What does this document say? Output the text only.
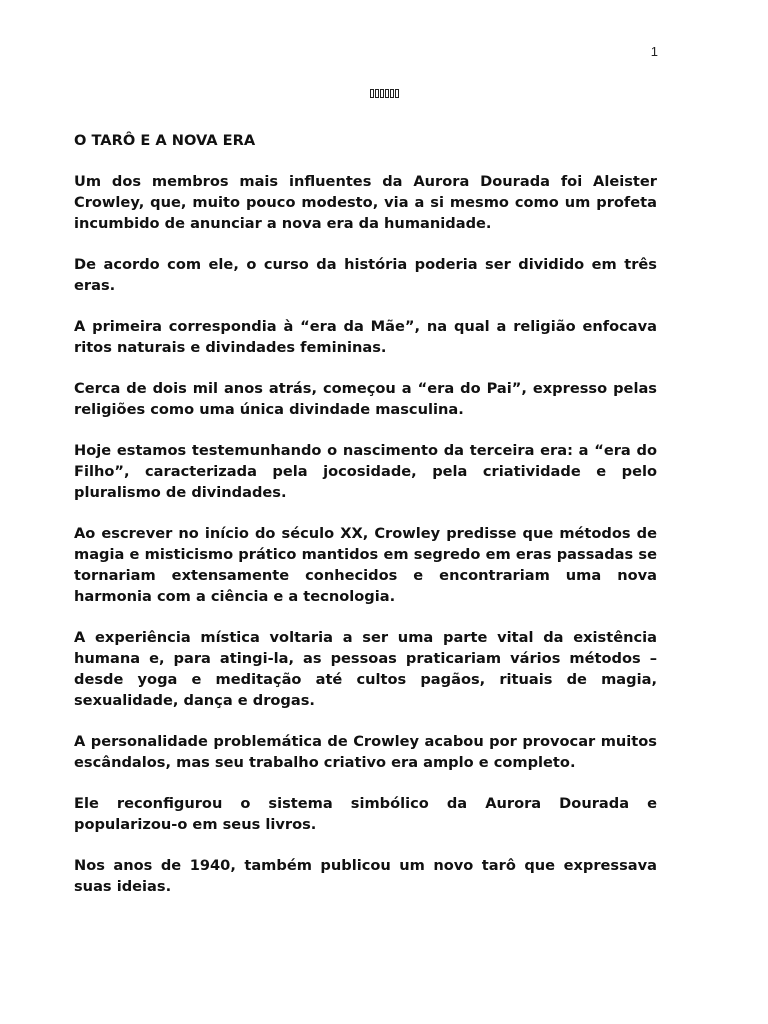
1
O TARÔ E A NOVA ERA

Um dos membros mais influentes da Aurora Dourada foi Aleister Crowley, que, muito pouco modesto, via a si mesmo como um profeta incumbido de anunciar a nova era da humanidade.

De acordo com ele, o curso da história poderia ser dividido em três eras.

A primeira correspondia à “era da Mãe”, na qual a religião enfocava ritos naturais e divindades femininas.

Cerca de dois mil anos atrás, começou a “era do Pai”, expresso pelas religiões como uma única divindade masculina.

Hoje estamos testemunhando o nascimento da terceira era: a “era do Filho”, caracterizada pela jocosidade, pela criatividade e pelo pluralismo de divindades.

Ao escrever no início do século XX, Crowley predisse que métodos de magia e misticismo prático mantidos em segredo em eras passadas se tornariam extensamente conhecidos e encontrariam uma nova harmonia com a ciência e a tecnologia.

A experiência mística voltaria a ser uma parte vital da existência humana e, para atingi-la, as pessoas praticariam vários métodos – desde yoga e meditação até cultos pagãos, rituais de magia, sexualidade, dança e drogas.

A personalidade problemática de Crowley acabou por provocar muitos escândalos, mas seu trabalho criativo era amplo e completo.

Ele reconfigurou o sistema simbólico da Aurora Dourada e popularizou-o em seus livros.

Nos anos de 1940, também publicou um novo tarô que expressava suas ideias.
